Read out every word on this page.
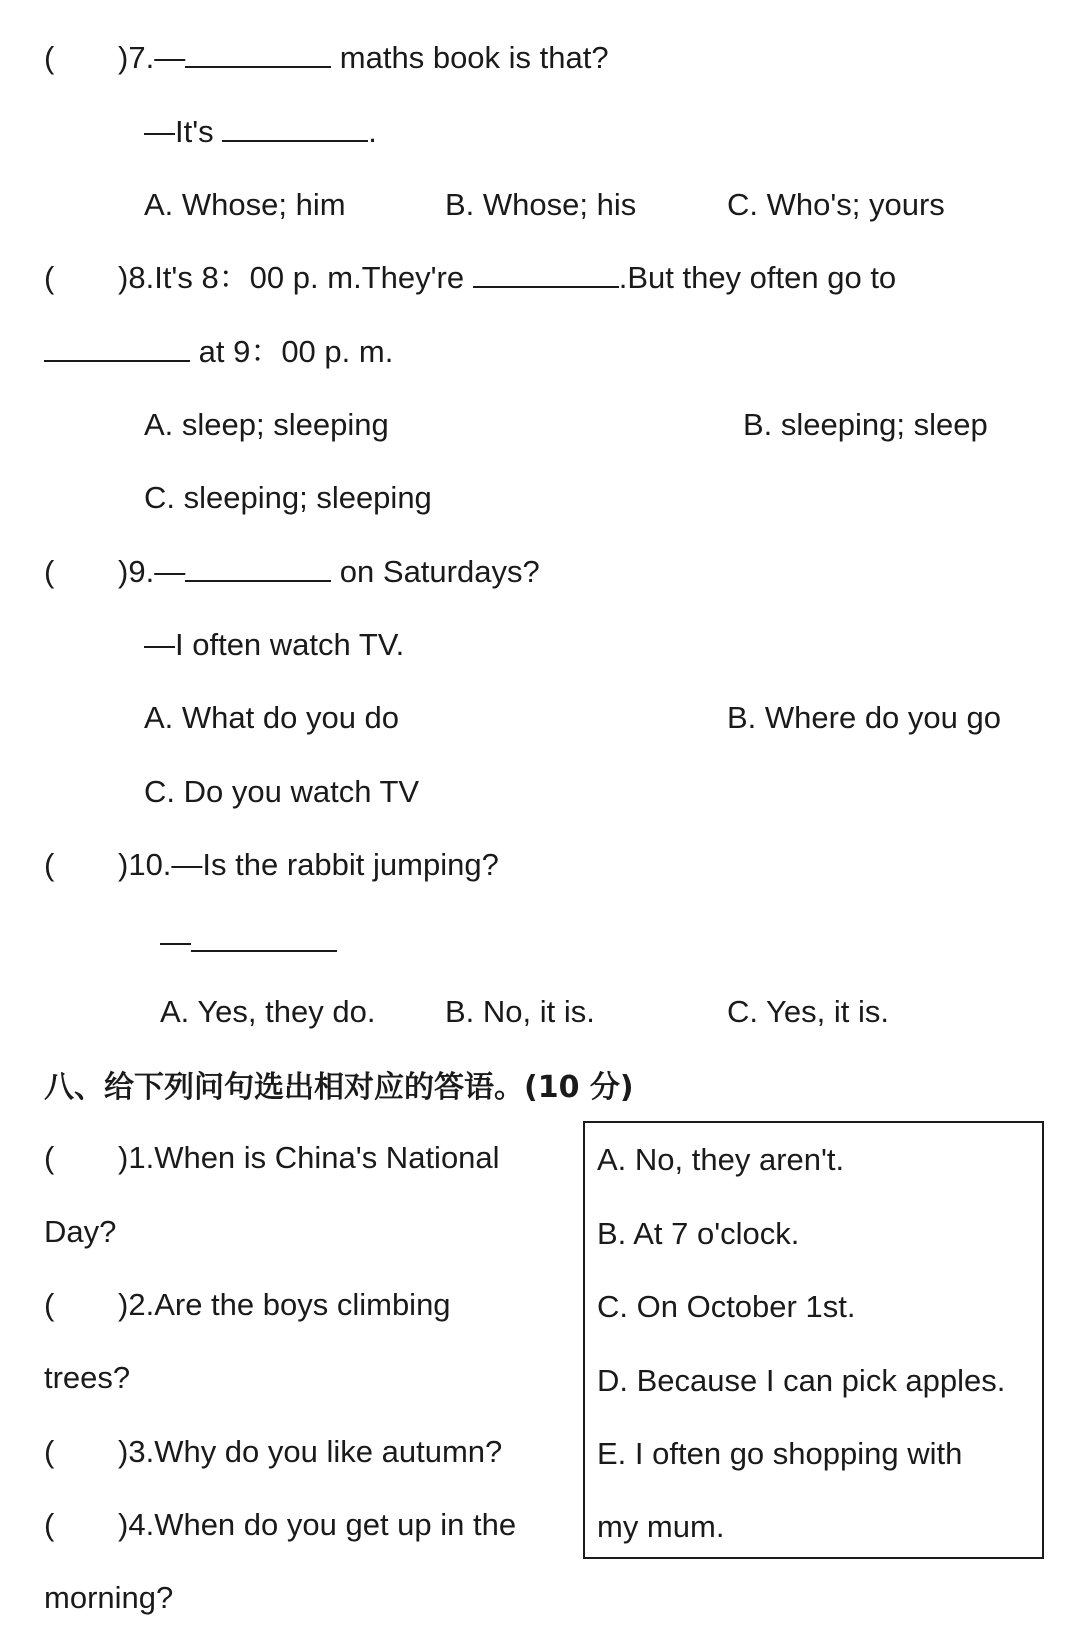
( )7.—	maths book is that?
—It's	.
A. Whose; him	B. Whose; his	C. Who's; yours
( )8.It's 8：00 p. m.They're	.But they often go to
at 9：00 p. m.
A. sleep; sleeping	B. sleeping; sleep
C. sleeping; sleeping
( )9.—	on Saturdays?
—I often watch TV.
A. What do you do	B. Where do you go
C. Do you watch TV
( )10.—Is the rabbit jumping?
—
A. Yes, they do. B. No, it is.	C. Yes, it is.
八、给下列问句选出相对应的答语。(10 分)
( )1.When is China's National
Day?
( )2.Are the boys climbing
trees?
( )3.Why do you like autumn?
( )4.When do you get up in the
morning?
A. No, they aren't.
B. At 7 o'clock.
C. On October 1st.
D. Because I can pick apples.
E. I often go shopping with
my mum.
